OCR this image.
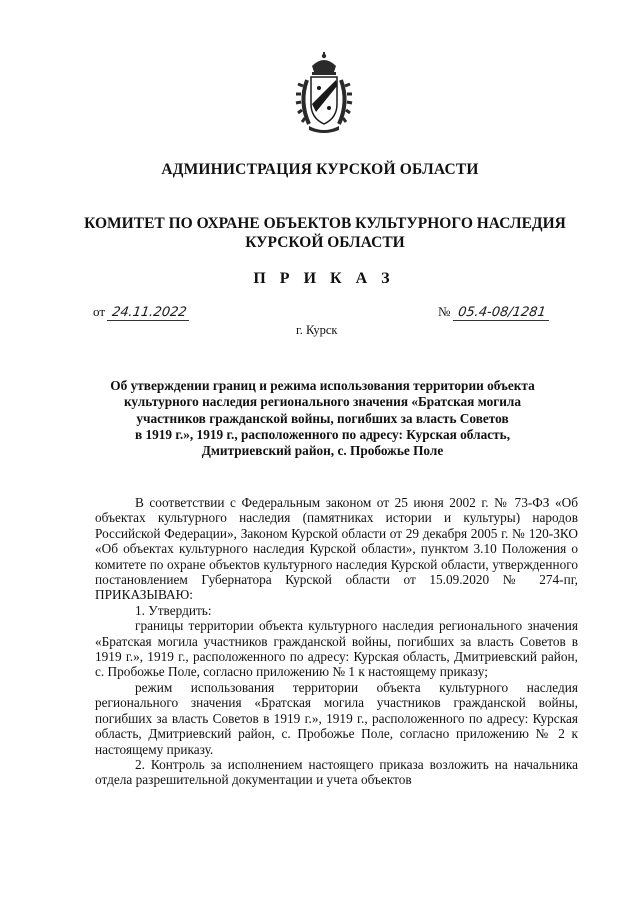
АДМИНИСТРАЦИЯ КУРСКОЙ ОБЛАСТИ
КОМИТЕТ ПО ОХРАНЕ ОБЪЕКТОВ КУЛЬТУРНОГО НАСЛЕДИЯ
КУРСКОЙ ОБЛАСТИ
П Р И К А З
от 24.11.2022	№ 05.4-08/1281
г. Курск
Об утверждении границ и режима использования территории объекта
культурного наследия регионального значения «Братская могила
участников гражданской войны, погибших за власть Советов
в 1919 г.», 1919 г., расположенного по адресу: Курская область,
Дмитриевский район, с. Пробожье Поле

В соответствии с Федеральным законом от 25 июня 2002 г. № 73-ФЗ «Об объектах культурного наследия (памятниках истории и культуры) народов Российской Федерации», Законом Курской области от 29 декабря 2005 г. № 120-ЗКО «Об объектах культурного наследия Курской области», пунктом 3.10 Положения о комитете по охране объектов культурного наследия Курской области, утвержденного постановлением Губернатора Курской области от 15.09.2020 № 274-пг, ПРИКАЗЫВАЮ:

1. Утвердить:

границы территории объекта культурного наследия регионального значения «Братская могила участников гражданской войны, погибших за власть Советов в 1919 г.», 1919 г., расположенного по адресу: Курская область, Дмитриевский район, с. Пробожье Поле, согласно приложению № 1 к настоящему приказу;

режим использования территории объекта культурного наследия регионального значения «Братская могила участников гражданской войны, погибших за власть Советов в 1919 г.», 1919 г., расположенного по адресу: Курская область, Дмитриевский район, с. Пробожье Поле, согласно приложению № 2 к настоящему приказу.

2. Контроль за исполнением настоящего приказа возложить на начальника отдела разрешительной документации и учета объектов
